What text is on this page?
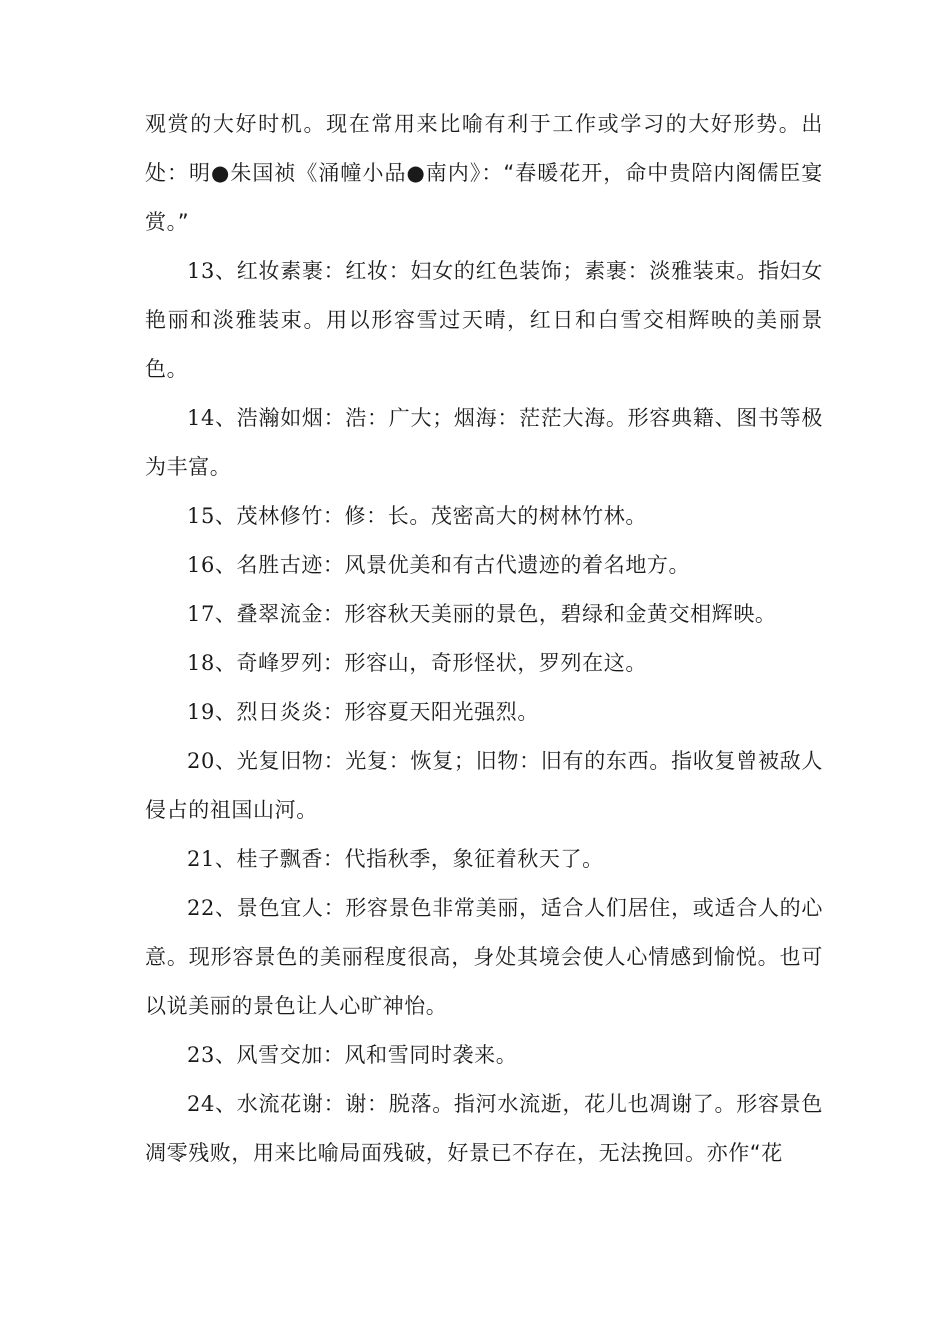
观赏的大好时机。现在常用来比喻有利于工作或学习的大好形势。出处：明●朱国祯《涌幢小品●南内》：“春暖花开，命中贵陪内阁儒臣宴赏。”

13、红妆素裹：红妆：妇女的红色装饰；素裹：淡雅装束。指妇女艳丽和淡雅装束。用以形容雪过天晴，红日和白雪交相辉映的美丽景色。

14、浩瀚如烟：浩：广大；烟海：茫茫大海。形容典籍、图书等极为丰富。

15、茂林修竹：修：长。茂密高大的树林竹林。

16、名胜古迹：风景优美和有古代遗迹的着名地方。

17、叠翠流金：形容秋天美丽的景色，碧绿和金黄交相辉映。

18、奇峰罗列：形容山，奇形怪状，罗列在这。

19、烈日炎炎：形容夏天阳光强烈。

20、光复旧物：光复：恢复；旧物：旧有的东西。指收复曾被敌人侵占的祖国山河。

21、桂子飘香：代指秋季，象征着秋天了。

22、景色宜人：形容景色非常美丽，适合人们居住，或适合人的心意。现形容景色的美丽程度很高，身处其境会使人心情感到愉悦。也可以说美丽的景色让人心旷神怡。

23、风雪交加：风和雪同时袭来。

24、水流花谢：谢：脱落。指河水流逝，花儿也凋谢了。形容景色凋零残败，用来比喻局面残破，好景已不存在，无法挽回。亦作“花
